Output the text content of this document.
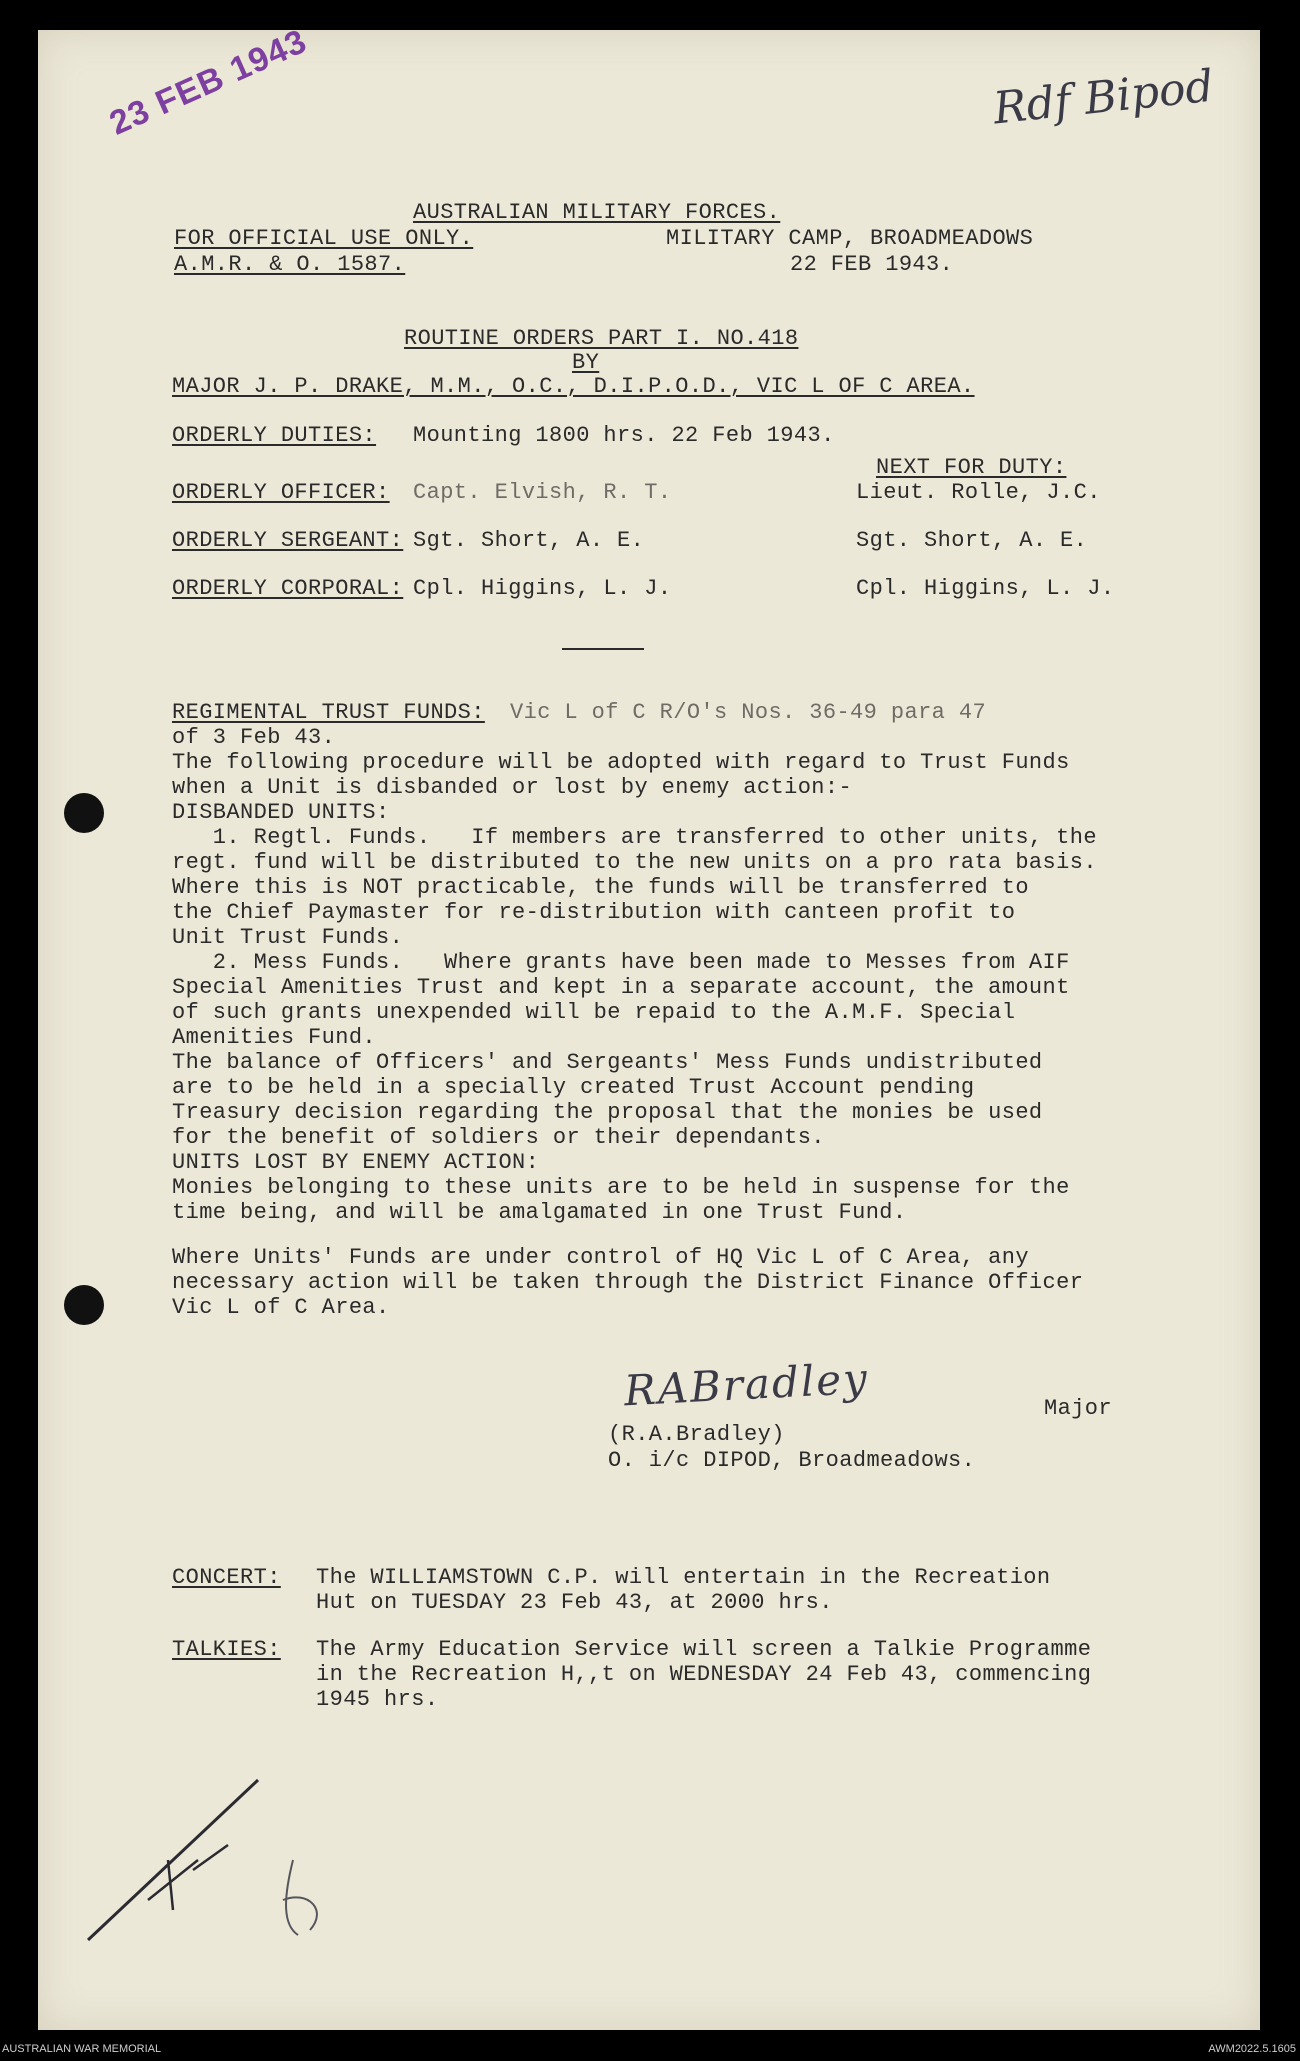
23 FEB 1943	Rdf Bipod
AUSTRALIAN MILITARY FORCES.
FOR OFFICIAL USE ONLY.
A.M.R. & O. 1587.
MILITARY CAMP, BROADMEADOWS
22 FEB 1943.
ROUTINE ORDERS PART I. NO.418
BY
MAJOR J. P. DRAKE, M.M., O.C., D.I.P.O.D., VIC L OF C AREA.
ORDERLY DUTIES: Mounting 1800 hrs. 22 Feb 1943.
NEXT FOR DUTY:
ORDERLY OFFICER: Capt. Elvish, R. T.	Lieut. Rolle, J.C.
ORDERLY SERGEANT: Sgt. Short, A. E.	Sgt. Short, A. E.
ORDERLY CORPORAL: Cpl. Higgins, L. J.	Cpl. Higgins, L. J.
REGIMENTAL TRUST FUNDS: Vic L of C R/O's Nos. 36-49 para 47
of 3 Feb 43.
The following procedure will be adopted with regard to Trust Funds
when a Unit is disbanded or lost by enemy action:-
DISBANDED UNITS:
1. Regtl. Funds.   If members are transferred to other units, the
regt. fund will be distributed to the new units on a pro rata basis.
Where this is NOT practicable, the funds will be transferred to
the Chief Paymaster for re-distribution with canteen profit to
Unit Trust Funds.
2. Mess Funds.   Where grants have been made to Messes from AIF
Special Amenities Trust and kept in a separate account, the amount
of such grants unexpended will be repaid to the A.M.F. Special
Amenities Fund.
The balance of Officers' and Sergeants' Mess Funds undistributed
are to be held in a specially created Trust Account pending
Treasury decision regarding the proposal that the monies be used
for the benefit of soldiers or their dependants.
UNITS LOST BY ENEMY ACTION:
Monies belonging to these units are to be held in suspense for the
time being, and will be amalgamated in one Trust Fund.
Where Units' Funds are under control of HQ Vic L of C Area, any
necessary action will be taken through the District Finance Officer
Vic L of C Area.
RABradley	Major
(R.A.Bradley)
O. i/c DIPOD, Broadmeadows.
CONCERT: The WILLIAMSTOWN C.P. will entertain in the Recreation
Hut on TUESDAY 23 Feb 43, at 2000 hrs.
TALKIES: The Army Education Service will screen a Talkie Programme
in the Recreation H,,t on WEDNESDAY 24 Feb 43, commencing
1945 hrs.
AUSTRALIAN WAR MEMORIAL	AWM2022.5.1605
